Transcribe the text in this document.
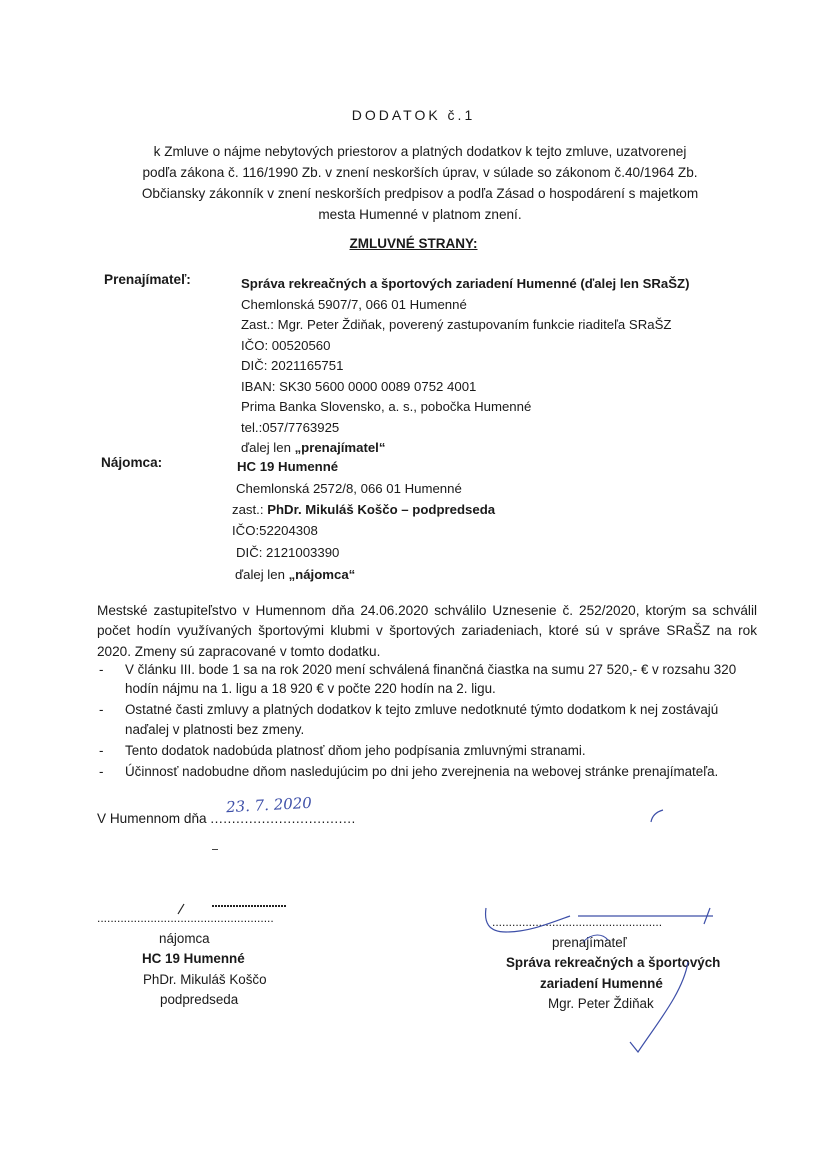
DODATOK č.1
k Zmluve o nájme nebytových priestorov a platných dodatkov k tejto zmluve, uzatvorenej
podľa zákona č. 116/1990 Zb. v znení neskorších úprav, v súlade so zákonom č.40/1964 Zb.
Občiansky zákonník v znení neskorších predpisov a podľa Zásad o hospodárení s majetkom
mesta Humenné v platnom znení.
ZMLUVNÉ STRANY:
Prenajímateľ:	Správa rekreačných a športových zariadení Humenné (ďalej len SRaŠZ)
Chemlonská 5907/7, 066 01 Humenné
Zast.: Mgr. Peter Ždiňak, poverený zastupovaním funkcie riaditeľa SRaŠZ
IČO: 00520560
DIČ: 2021165751
IBAN: SK30 5600 0000 0089 0752 4001
Prima Banka Slovensko, a. s., pobočka Humenné
tel.:057/7763925
ďalej len „prenajímatel“
Nájomca:	HC 19 Humenné
Chemlonská 2572/8, 066 01 Humenné
zast.: PhDr. Mikuláš Koščo – podpredseda
IČO:52204308
DIČ: 2121003390
ďalej len „nájomca“
Mestské zastupiteľstvo v Humennom dňa 24.06.2020 schválilo Uznesenie č. 252/2020, ktorým sa schválil počet hodín využívaných športovými klubmi v športových zariadeniach, ktoré sú v správe SRaŠZ na rok 2020. Zmeny sú zapracované v tomto dodatku.
- V článku III. bode 1 sa na rok 2020 mení schválená finančná čiastka na sumu 27 520,- € v rozsahu 320 hodín nájmu na 1. ligu a 18 920 € v počte 220 hodín na 2. ligu.
- Ostatné časti zmluvy a platných dodatkov k tejto zmluve nedotknuté týmto dodatkom k nej zostávajú naďalej v platnosti bez zmeny.
- Tento dodatok nadobúda platnosť dňom jeho podpísania zmluvnými stranami.
- Účinnosť nadobudne dňom nasledujúcim po dni jeho zverejnenia na webovej stránke prenajímateľa.
V Humennom dňa ..................................
23. 7. 2020
.....................................................
nájomca
HC 19 Humenné
PhDr. Mikuláš Koščo
podpredseda
...................................................
prenajímateľ
Správa rekreačných a športových
zariadení Humenné
Mgr. Peter Ždiňak
